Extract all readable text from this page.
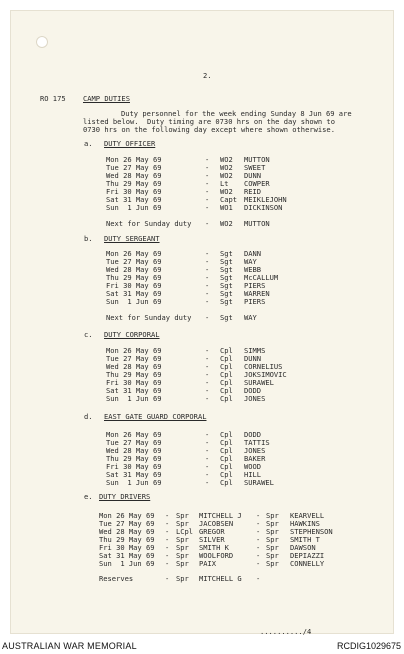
2.
RO 175 CAMP DUTIES
Duty personnel for the week ending Sunday 8 Jun 69 are
listed below.  Duty timing are 0730 hrs on the day shown to
0730 hrs on the following day except where shown otherwise.
a. DUTY OFFICER
Mon 26 May 69	- WO2 MUTTON
Tue 27 May 69	- WO2 SWEET
Wed 28 May 69	- WO2 DUNN
Thu 29 May 69	- Lt COWPER
Fri 30 May 69	- WO2 REID
Sat 31 May 69	- Capt MEIKLEJOHN
Sun  1 Jun 69	- WO1 DICKINSON
Next for Sunday duty - WO2 MUTTON
b. DUTY SERGEANT
Mon 26 May 69	- Sgt DANN
Tue 27 May 69	- Sgt WAY
Wed 28 May 69	- Sgt WEBB
Thu 29 May 69	- Sgt McCALLUM
Fri 30 May 69	- Sgt PIERS
Sat 31 May 69	- Sgt WARREN
Sun  1 Jun 69	- Sgt PIERS
Next for Sunday duty - Sgt WAY
c. DUTY CORPORAL
Mon 26 May 69	- Cpl SIMMS
Tue 27 May 69	- Cpl DUNN
Wed 28 May 69	- Cpl CORNELIUS
Thu 29 May 69	- Cpl JOKSIMOVIC
Fri 30 May 69	- Cpl SURAWEL
Sat 31 May 69	- Cpl DODD
Sun  1 Jun 69	- Cpl JONES
d. EAST GATE GUARD CORPORAL
Mon 26 May 69	- Cpl DODD
Tue 27 May 69	- Cpl TATTIS
Wed 28 May 69	- Cpl JONES
Thu 29 May 69	- Cpl BAKER
Fri 30 May 69	- Cpl WOOD
Sat 31 May 69	- Cpl HILL
Sun  1 Jun 69	- Cpl SURAWEL
e. DUTY DRIVERS
Mon 26 May 69 - Spr MITCHELL J - Spr KEARVELL
Tue 27 May 69 - Spr JACOBSEN	- Spr HAWKINS
Wed 28 May 69 - LCpl GREGOR	- Spr STEPHENSON
Thu 29 May 69 - Spr SILVER	- Spr SMITH T
Fri 30 May 69 - Spr SMITH K	- Spr DAWSON
Sat 31 May 69 - Spr WOOLFORD	- Spr DEPIAZZI
Sun  1 Jun 69 - Spr PAIX	- Spr CONNELLY
Reserves	- Spr MITCHELL G -
........../4
AUSTRALIAN WAR MEMORIAL	RCDIG1029675
